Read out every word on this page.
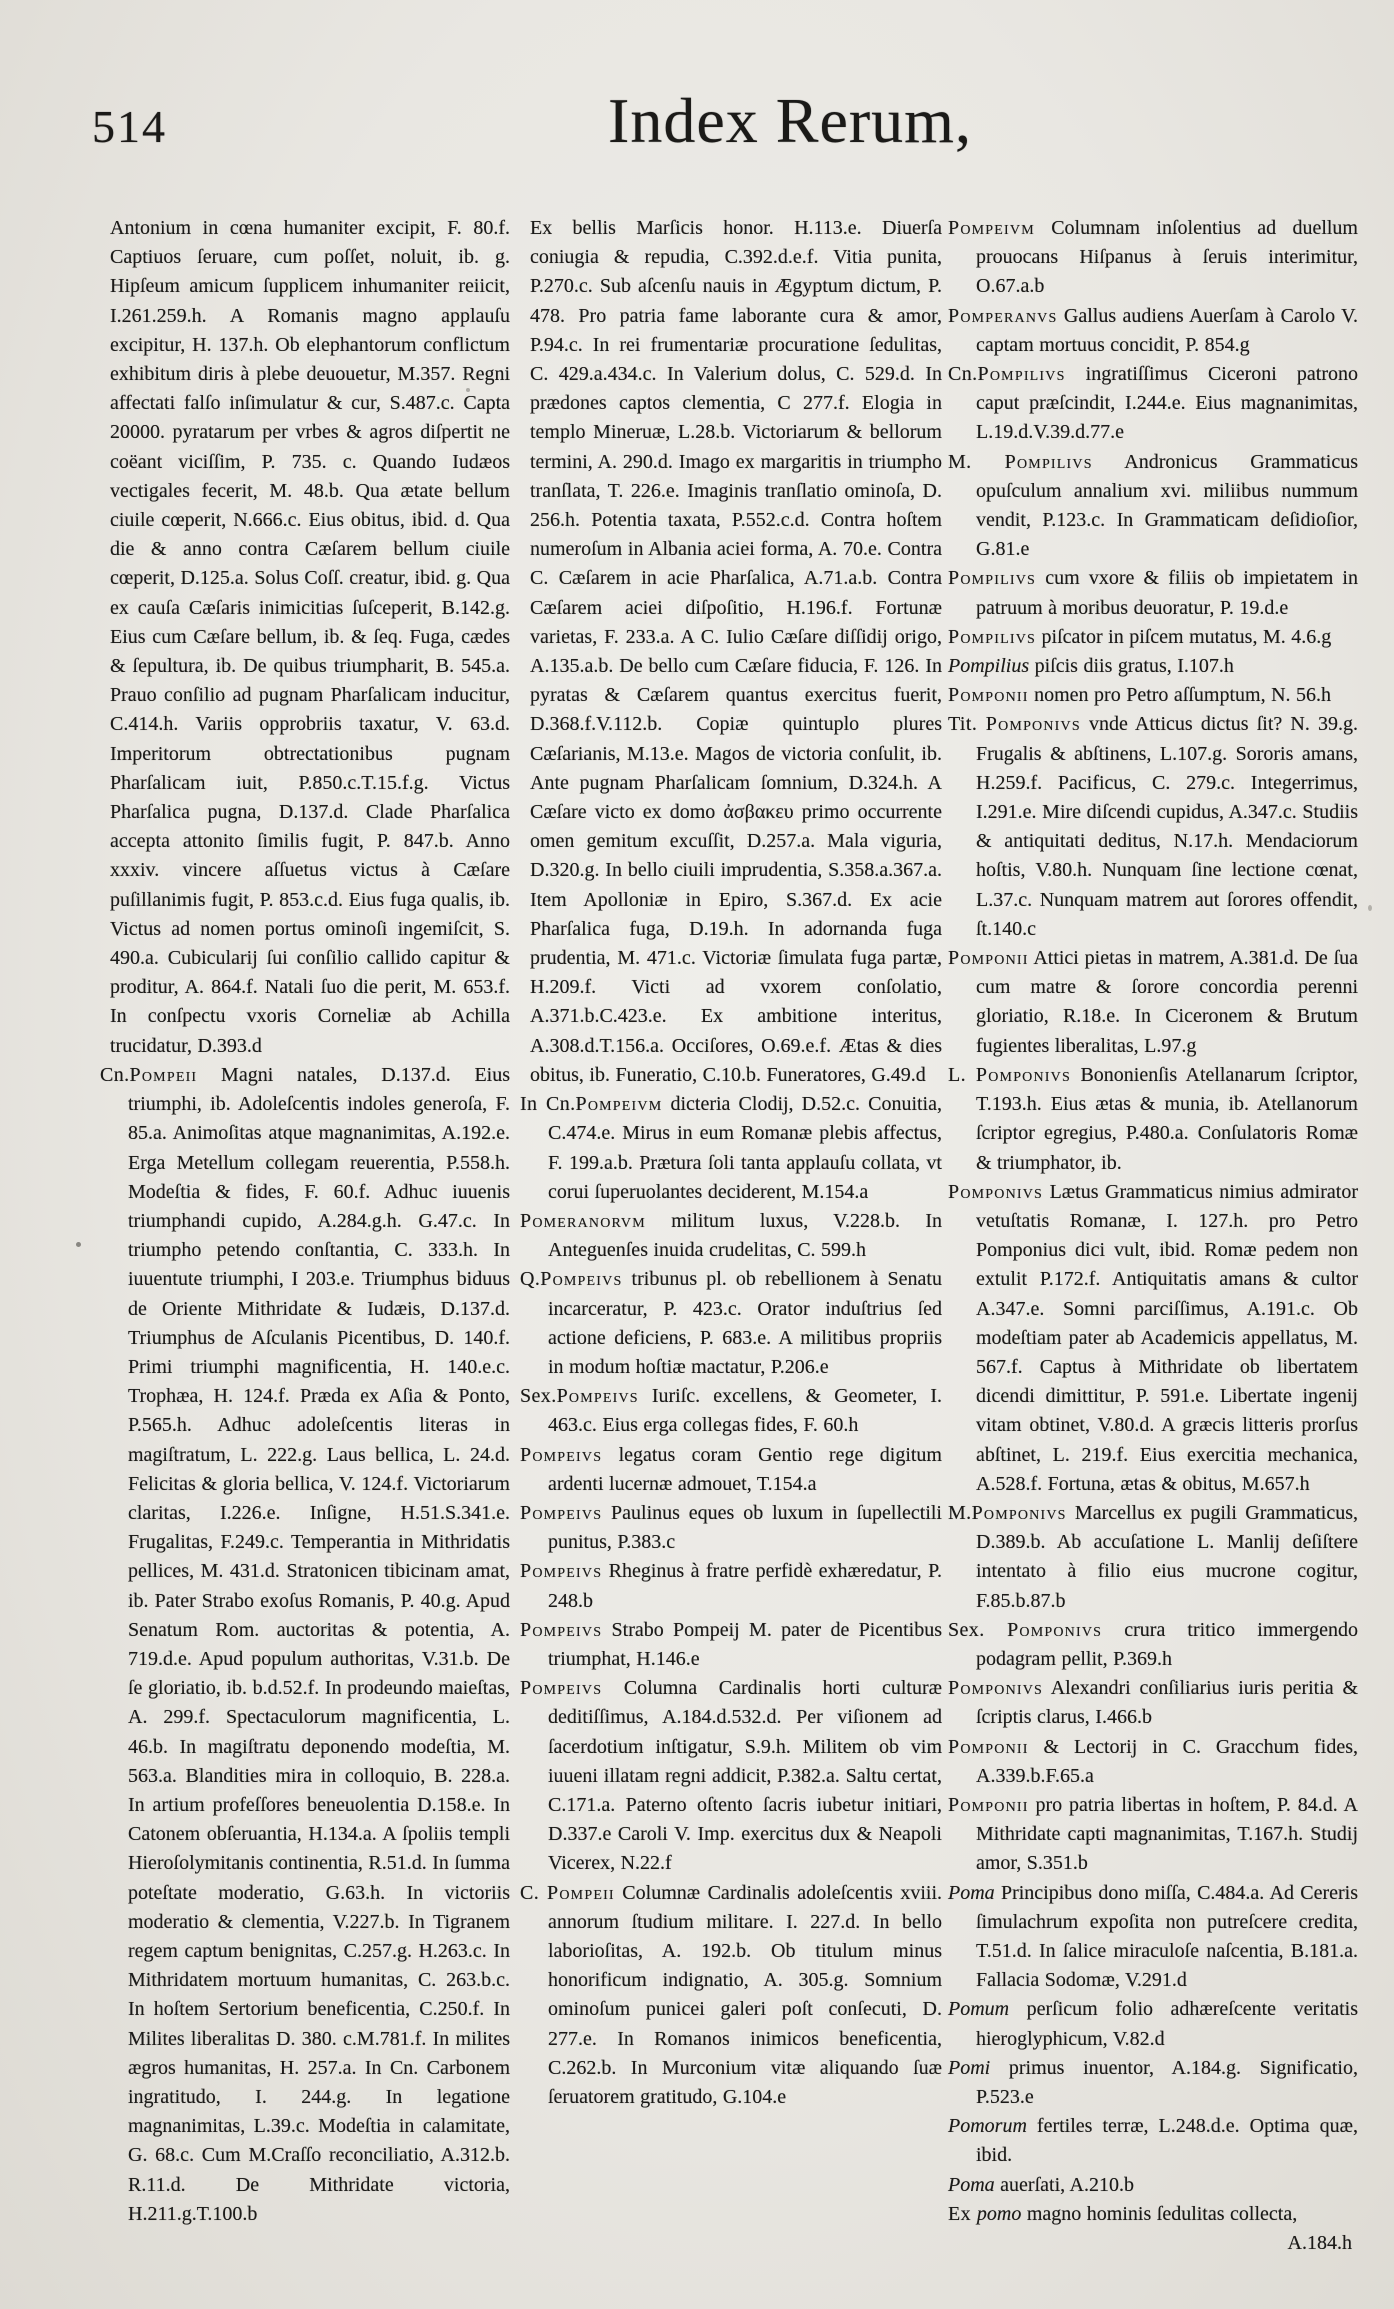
514	Index Rerum,

Antonium in cœna humaniter excipit, F. 80.f. Captiuos ſeruare, cum poſſet, noluit, ib. g. Hipſeum amicum ſupplicem inhumaniter reiicit, I.261.259.h. A Romanis magno applauſu excipitur, H. 137.h. Ob elephantorum conflictum exhibitum diris à plebe deuouetur, M.357. Regni affectati falſo inſimulatur & cur, S.487.c. Capta 20000. pyratarum per vrbes & agros diſpertit ne coëant viciſſim, P. 735. c. Quando Iudæos vectigales fecerit, M. 48.b. Qua ætate bellum ciuile cœperit, N.666.c. Eius obitus, ibid. d. Qua die & anno contra Cæſarem bellum ciuile cœperit, D.125.a. Solus Coſſ. creatur, ibid. g. Qua ex cauſa Cæſaris inimicitias ſuſceperit, B.142.g. Eius cum Cæſare bellum, ib. & ſeq. Fuga, cædes & ſepultura, ib. De quibus triumpharit, B. 545.a. Prauo conſilio ad pugnam Pharſalicam inducitur, C.414.h. Variis opprobriis taxatur, V. 63.d. Imperitorum obtrectationibus pugnam Pharſalicam iuit, P.850.c.T.15.f.g. Victus Pharſalica pugna, D.137.d. Clade Pharſalica accepta attonito ſimilis fugit, P. 847.b. Anno xxxiv. vincere aſſuetus victus à Cæſare puſillanimis fugit, P. 853.c.d. Eius fuga qualis, ib. Victus ad nomen portus ominoſi ingemiſcit, S. 490.a. Cubicularij ſui conſilio callido capitur & proditur, A. 864.f. Natali ſuo die perit, M. 653.f. In conſpectu vxoris Corneliæ ab Achilla trucidatur, D.393.d

Cn.Pompeii Magni natales, D.137.d. Eius triumphi, ib. Adoleſcentis indoles generoſa, F. 85.a. Animoſitas atque magnanimitas, A.192.e. Erga Metellum collegam reuerentia, P.558.h. Modeſtia & fides, F. 60.f. Adhuc iuuenis triumphandi cupido, A.284.g.h. G.47.c. In triumpho petendo conſtantia, C. 333.h. In iuuentute triumphi, I 203.e. Triumphus biduus de Oriente Mithridate & Iudæis, D.137.d. Triumphus de Aſculanis Picentibus, D. 140.f. Primi triumphi magnificentia, H. 140.e.c. Trophæa, H. 124.f. Præda ex Aſia & Ponto, P.565.h. Adhuc adoleſcentis literas in magiſtratum, L. 222.g. Laus bellica, L. 24.d. Felicitas & gloria bellica, V. 124.f. Victoriarum claritas, I.226.e. Inſigne, H.51.S.341.e. Frugalitas, F.249.c. Temperantia in Mithridatis pellices, M. 431.d. Stratonicen tibicinam amat, ib. Pater Strabo exoſus Romanis, P. 40.g. Apud Senatum Rom. auctoritas & potentia, A. 719.d.e. Apud populum authoritas, V.31.b. De ſe gloriatio, ib. b.d.52.f. In prodeundo maieſtas, A. 299.f. Spectaculorum magnificentia, L. 46.b. In magiſtratu deponendo modeſtia, M. 563.a. Blandities mira in colloquio, B. 228.a. In artium profeſſores beneuolentia D.158.e. In Catonem obſeruantia, H.134.a. A ſpoliis templi Hieroſolymitanis continentia, R.51.d. In ſumma poteſtate moderatio, G.63.h. In victoriis moderatio & clementia, V.227.b. In Tigranem regem captum benignitas, C.257.g. H.263.c. In Mithridatem mortuum humanitas, C. 263.b.c. In hoſtem Sertorium beneficentia, C.250.f. In Milites liberalitas D. 380. c.M.781.f. In milites ægros humanitas, H. 257.a. In Cn. Carbonem ingratitudo, I. 244.g. In legatione magnanimitas, L.39.c. Modeſtia in calamitate, G. 68.c. Cum M.Craſſo reconciliatio, A.312.b. R.11.d. De Mithridate victoria, H.211.g.T.100.b

Ex bellis Marſicis honor. H.113.e. Diuerſa coniugia & repudia, C.392.d.e.f. Vitia punita, P.270.c. Sub aſcenſu nauis in Ægyptum dictum, P. 478. Pro patria fame laborante cura & amor, P.94.c. In rei frumentariæ procuratione ſedulitas, C. 429.a.434.c. In Valerium dolus, C. 529.d. In prædones captos clementia, C 277.f. Elogia in templo Mineruæ, L.28.b. Victoriarum & bellorum termini, A. 290.d. Imago ex margaritis in triumpho tranſlata, T. 226.e. Imaginis tranſlatio ominoſa, D. 256.h. Potentia taxata, P.552.c.d. Contra hoſtem numeroſum in Albania aciei forma, A. 70.e. Contra C. Cæſarem in acie Pharſalica, A.71.a.b. Contra Cæſarem aciei diſpoſitio, H.196.f. Fortunæ varietas, F. 233.a. A C. Iulio Cæſare diſſidij origo, A.135.a.b. De bello cum Cæſare fiducia, F. 126. In pyratas & Cæſarem quantus exercitus fuerit, D.368.f.V.112.b. Copiæ quintuplo plures Cæſarianis, M.13.e. Magos de victoria conſulit, ib. Ante pugnam Pharſalicam ſomnium, D.324.h. A Cæſare victo ex domo ἀσβακευ primo occurrente omen gemitum excuſſit, D.257.a. Mala viguria, D.320.g. In bello ciuili imprudentia, S.358.a.367.a. Item Apolloniæ in Epiro, S.367.d. Ex acie Pharſalica fuga, D.19.h. In adornanda fuga prudentia, M. 471.c. Victoriæ ſimulata fuga partæ, H.209.f. Victi ad vxorem conſolatio, A.371.b.C.423.e. Ex ambitione interitus, A.308.d.T.156.a. Occiſores, O.69.e.f. Ætas & dies obitus, ib. Funeratio, C.10.b. Funeratores, G.49.d

In Cn.Pompeivm dicteria Clodij, D.52.c. Conuitia, C.474.e. Mirus in eum Romanæ plebis affectus, F. 199.a.b. Prætura ſoli tanta applauſu collata, vt corui ſuperuolantes deciderent, M.154.a

Pomeranorvm militum luxus, V.228.b. In Anteguenſes inuida crudelitas, C. 599.h

Q.Pompeivs tribunus pl. ob rebellionem à Senatu incarceratur, P. 423.c. Orator induſtrius ſed actione deficiens, P. 683.e. A militibus propriis in modum hoſtiæ mactatur, P.206.e

Sex.Pompeivs Iuriſc. excellens, & Geometer, I. 463.c. Eius erga collegas fides, F. 60.h

Pompeivs legatus coram Gentio rege digitum ardenti lucernæ admouet, T.154.a

Pompeivs Paulinus eques ob luxum in ſupellectili punitus, P.383.c

Pompeivs Rheginus à fratre perfidè exhæredatur, P. 248.b

Pompeivs Strabo Pompeij M. pater de Picentibus triumphat, H.146.e

Pompeivs Columna Cardinalis horti culturæ deditiſſimus, A.184.d.532.d. Per viſionem ad ſacerdotium inſtigatur, S.9.h. Militem ob vim iuueni illatam regni addicit, P.382.a. Saltu certat, C.171.a. Paterno oſtento ſacris iubetur initiari, D.337.e Caroli V. Imp. exercitus dux & Neapoli Vicerex, N.22.f

C. Pompeii Columnæ Cardinalis adoleſcentis xviii. annorum ſtudium militare. I. 227.d. In bello laborioſitas, A. 192.b. Ob titulum minus honorificum indignatio, A. 305.g. Somnium ominoſum punicei galeri poſt conſecuti, D. 277.e. In Romanos inimicos beneficentia, C.262.b. In Murconium vitæ aliquando ſuæ ſeruatorem gratitudo, G.104.e

Pompeivm Columnam inſolentius ad duellum prouocans Hiſpanus à ſeruis interimitur, O.67.a.b

Pomperanvs Gallus audiens Auerſam à Carolo V. captam mortuus concidit, P. 854.g

Cn.Pompilivs ingratiſſimus Ciceroni patrono caput præſcindit, I.244.e. Eius magnanimitas, L.19.d.V.39.d.77.e

M. Pompilivs Andronicus Grammaticus opuſculum annalium xvi. miliibus nummum vendit, P.123.c. In Grammaticam deſidioſior, G.81.e

Pompilivs cum vxore & filiis ob impietatem in patruum à moribus deuoratur, P. 19.d.e

Pompilivs piſcator in piſcem mutatus, M. 4.6.g

Pompilius piſcis diis gratus, I.107.h

Pomponii nomen pro Petro aſſumptum, N. 56.h

Tit. Pomponivs vnde Atticus dictus ſit? N. 39.g. Frugalis & abſtinens, L.107.g. Sororis amans, H.259.f. Pacificus, C. 279.c. Integerrimus, I.291.e. Mire diſcendi cupidus, A.347.c. Studiis & antiquitati deditus, N.17.h. Mendaciorum hoſtis, V.80.h. Nunquam ſine lectione cœnat, L.37.c. Nunquam matrem aut ſorores offendit, ſt.140.c

Pomponii Attici pietas in matrem, A.381.d. De ſua cum matre & ſorore concordia perenni gloriatio, R.18.e. In Ciceronem & Brutum fugientes liberalitas, L.97.g

L. Pomponivs Bononienſis Atellanarum ſcriptor, T.193.h. Eius ætas & munia, ib. Atellanorum ſcriptor egregius, P.480.a. Conſulatoris Romæ & triumphator, ib.

Pomponivs Lætus Grammaticus nimius admirator vetuſtatis Romanæ, I. 127.h. pro Petro Pomponius dici vult, ibid. Romæ pedem non extulit P.172.f. Antiquitatis amans & cultor A.347.e. Somni parciſſimus, A.191.c. Ob modeſtiam pater ab Academicis appellatus, M. 567.f. Captus à Mithridate ob libertatem dicendi dimittitur, P. 591.e. Libertate ingenij vitam obtinet, V.80.d. A græcis litteris prorſus abſtinet, L. 219.f. Eius exercitia mechanica, A.528.f. Fortuna, ætas & obitus, M.657.h

M.Pomponivs Marcellus ex pugili Grammaticus, D.389.b. Ab accuſatione L. Manlij deſiſtere intentato à filio eius mucrone cogitur, F.85.b.87.b

Sex. Pomponivs crura tritico immergendo podagram pellit, P.369.h

Pomponivs Alexandri conſiliarius iuris peritia & ſcriptis clarus, I.466.b

Pomponii & Lectorij in C. Gracchum fides, A.339.b.F.65.a

Pomponii pro patria libertas in hoſtem, P. 84.d. A Mithridate capti magnanimitas, T.167.h. Studij amor, S.351.b

Poma Principibus dono miſſa, C.484.a. Ad Cereris ſimulachrum expoſita non putreſcere credita, T.51.d. In ſalice miraculoſe naſcentia, B.181.a. Fallacia Sodomæ, V.291.d

Pomum perſicum folio adhæreſcente veritatis hieroglyphicum, V.82.d

Pomi primus inuentor, A.184.g. Significatio, P.523.e

Pomorum fertiles terræ, L.248.d.e. Optima quæ, ibid.

Poma auerſati, A.210.b

Ex pomo magno hominis ſedulitas collecta,
A.184.h
